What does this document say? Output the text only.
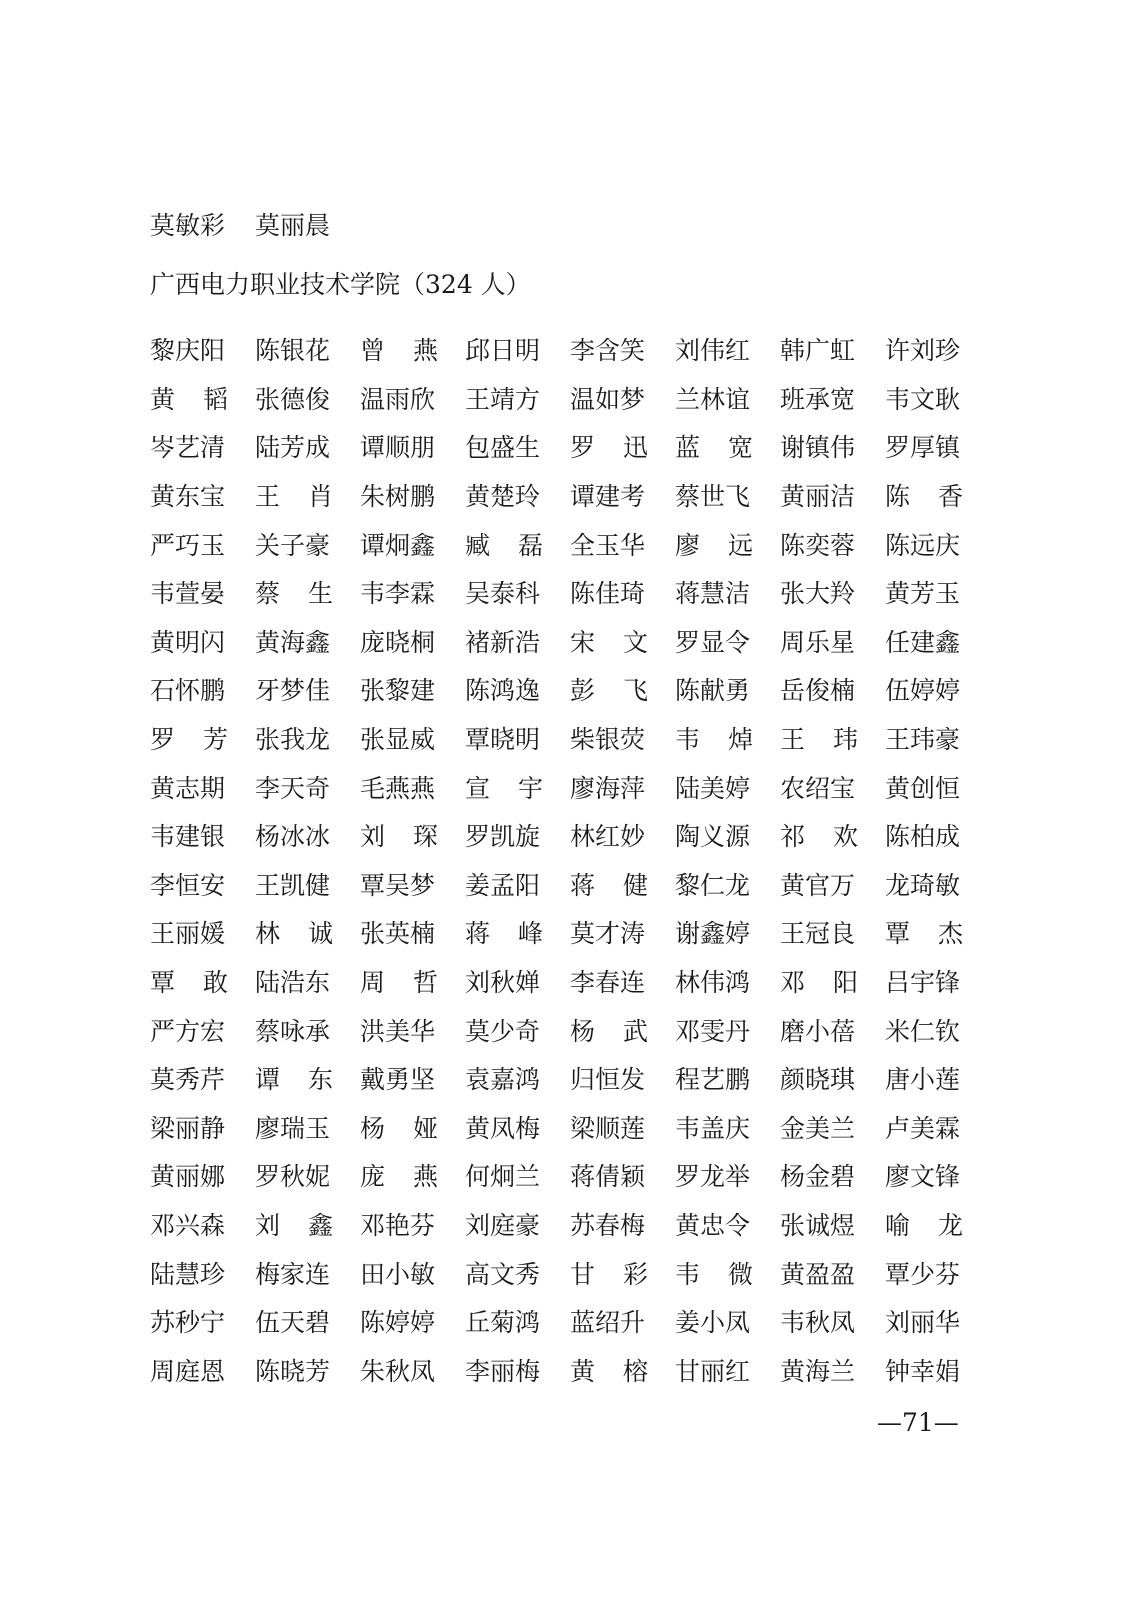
莫敏彩 莫丽晨
广西电力职业技术学院（324 人）
黎庆阳 陈银花 曾 燕 邱日明 李含笑 刘伟红 韩广虹 许刘珍
黄 韬 张德俊 温雨欣 王靖方 温如梦 兰林谊 班承宽 韦文耿
岑艺清 陆芳成 谭顺朋 包盛生 罗 迅 蓝 宽 谢镇伟 罗厚镇
黄东宝 王 肖 朱树鹏 黄楚玲 谭建考 蔡世飞 黄丽洁 陈 香
严巧玉 关子豪 谭炯鑫 臧 磊 全玉华 廖 远 陈奕蓉 陈远庆
韦萱晏 蔡 生 韦李霖 吴泰科 陈佳琦 蒋慧洁 张大羚 黄芳玉
黄明闪 黄海鑫 庞晓桐 褚新浩 宋 文 罗显令 周乐星 任建鑫
石怀鹏 牙梦佳 张黎建 陈鸿逸 彭 飞 陈献勇 岳俊楠 伍婷婷
罗 芳 张我龙 张显威 覃晓明 柴银荧 韦 焯 王 玮 王玮豪
黄志期 李天奇 毛燕燕 宣 宇 廖海萍 陆美婷 农绍宝 黄创恒
韦建银 杨冰冰 刘 琛 罗凯旋 林红妙 陶义源 祁 欢 陈柏成
李恒安 王凯健 覃吴梦 姜孟阳 蒋 健 黎仁龙 黄官万 龙琦敏
王丽媛 林 诚 张英楠 蒋 峰 莫才涛 谢鑫婷 王冠良 覃 杰
覃 敢 陆浩东 周 哲 刘秋婵 李春连 林伟鸿 邓 阳 吕宇锋
严方宏 蔡咏承 洪美华 莫少奇 杨 武 邓雯丹 磨小蓓 米仁钦
莫秀芹 谭 东 戴勇坚 袁嘉鸿 归恒发 程艺鹏 颜晓琪 唐小莲
梁丽静 廖瑞玉 杨 娅 黄凤梅 梁顺莲 韦盖庆 金美兰 卢美霖
黄丽娜 罗秋妮 庞 燕 何炯兰 蒋倩颖 罗龙举 杨金碧 廖文锋
邓兴森 刘 鑫 邓艳芬 刘庭豪 苏春梅 黄忠令 张诚煜 喻 龙
陆慧珍 梅家连 田小敏 高文秀 甘 彩 韦 微 黄盈盈 覃少芬
苏秒宁 伍天碧 陈婷婷 丘菊鸿 蓝绍升 姜小凤 韦秋凤 刘丽华
周庭恩 陈晓芳 朱秋凤 李丽梅 黄 榕 甘丽红 黄海兰 钟幸娟
—71—
